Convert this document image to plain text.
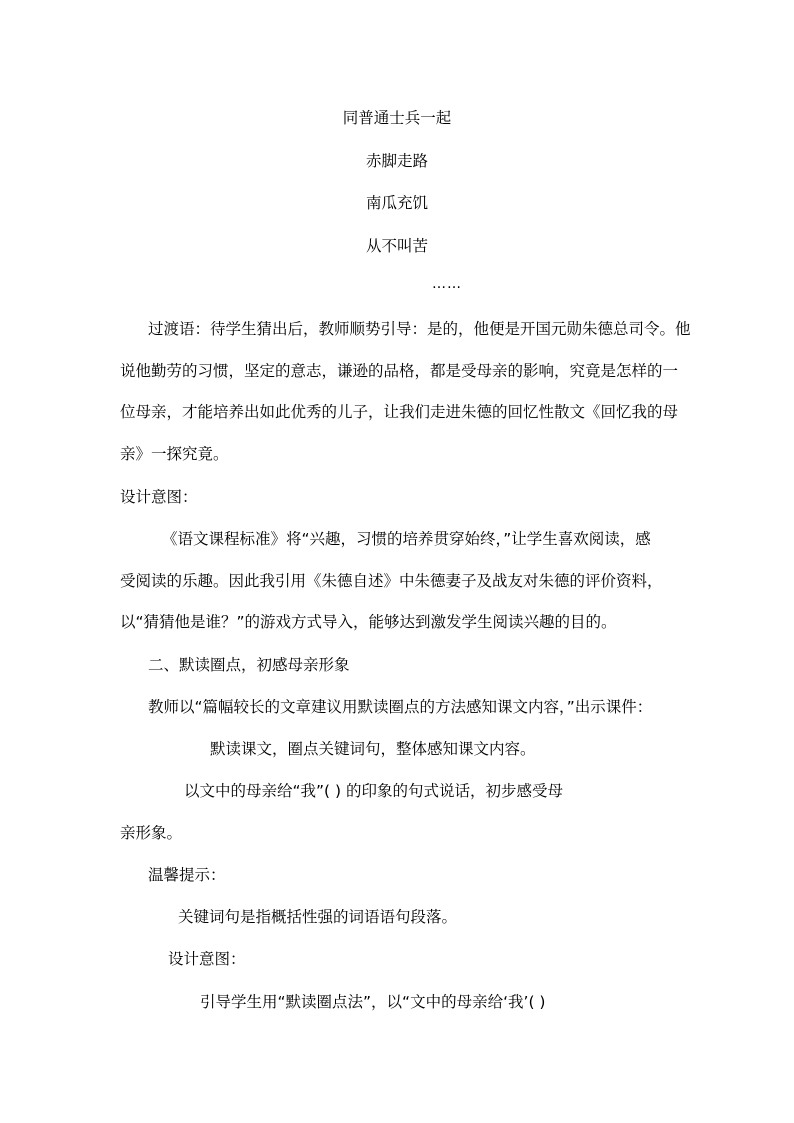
同普通士兵一起
赤脚走路
南瓜充饥
从不叫苦
……
过渡语：待学生猜出后，教师顺势引导：是的，他便是开国元勋朱德总司令。他
说他勤劳的习惯，坚定的意志，谦逊的品格，都是受母亲的影响，究竟是怎样的一
位母亲，才能培养出如此优秀的儿子，让我们走进朱德的回忆性散文《回忆我的母
亲》一探究竟。
设计意图：
《语文课程标准》将“兴趣，习惯的培养贯穿始终，”让学生喜欢阅读，感
受阅读的乐趣。因此我引用《朱德自述》中朱德妻子及战友对朱德的评价资料，
以“猜猜他是谁？”的游戏方式导入，能够达到激发学生阅读兴趣的目的。
二、默读圈点，初感母亲形象
教师以“篇幅较长的文章建议用默读圈点的方法感知课文内容，”出示课件：
默读课文，圈点关键词句，整体感知课文内容。
以文中的母亲给“我”( ) 的印象的句式说话，初步感受母
亲形象。
温馨提示：
关键词句是指概括性强的词语语句段落。
设计意图：
引导学生用“默读圈点法”，以“文中的母亲给‘我’( )
